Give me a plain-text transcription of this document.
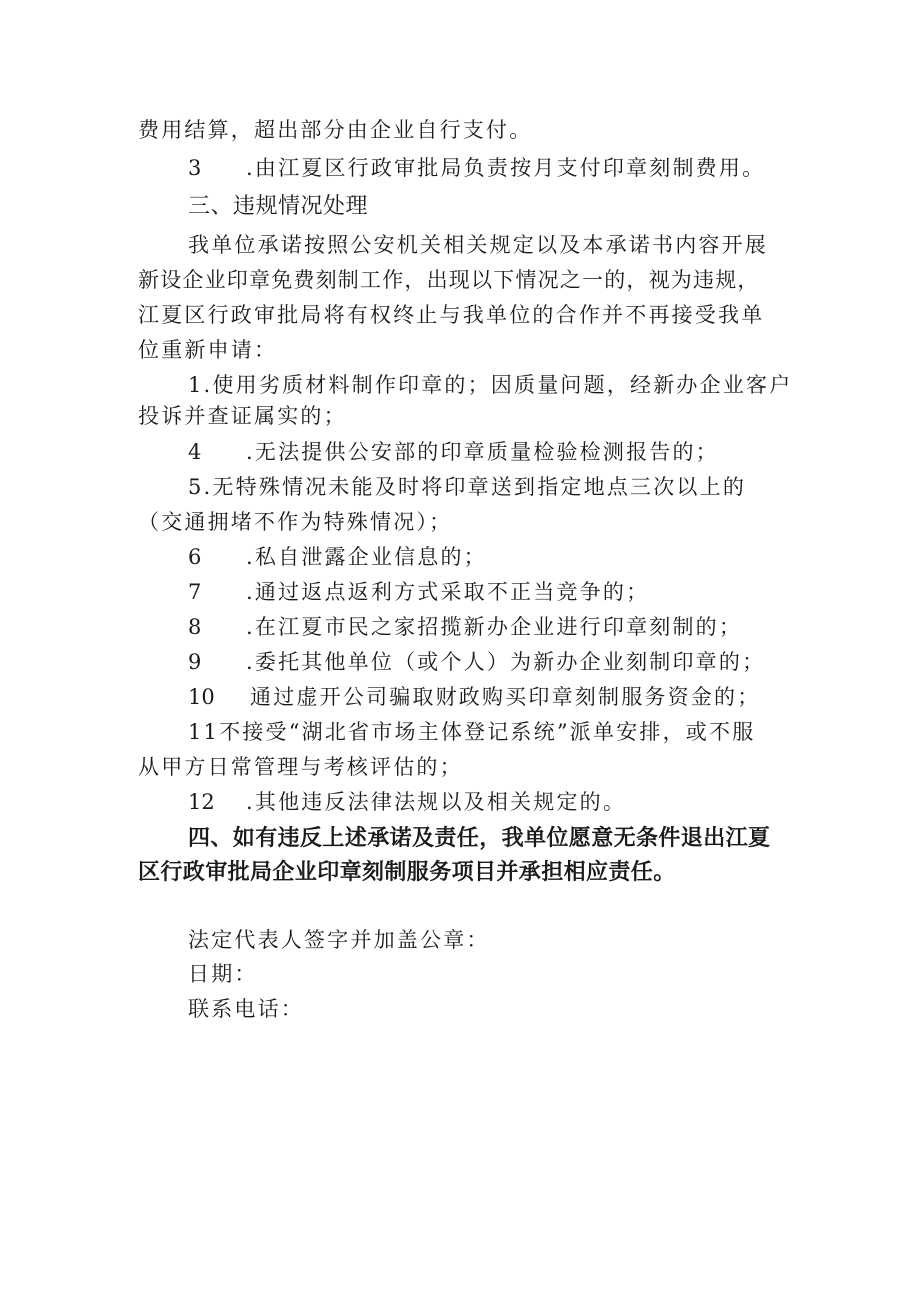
费用结算，超出部分由企业自行支付。
3 .由江夏区行政审批局负责按月支付印章刻制费用。
三、违规情况处理
我单位承诺按照公安机关相关规定以及本承诺书内容开展
新设企业印章免费刻制工作，出现以下情况之一的，视为违规，
江夏区行政审批局将有权终止与我单位的合作并不再接受我单
位重新申请：
1.使用劣质材料制作印章的；因质量问题，经新办企业客户
投诉并查证属实的；
4 .无法提供公安部的印章质量检验检测报告的；
5.无特殊情况未能及时将印章送到指定地点三次以上的
（交通拥堵不作为特殊情况）；
6 .私自泄露企业信息的；
7 .通过返点返利方式采取不正当竞争的；
8 .在江夏市民之家招揽新办企业进行印章刻制的；
9 .委托其他单位（或个人）为新办企业刻制印章的；
10 通过虚开公司骗取财政购买印章刻制服务资金的；
11不接受“湖北省市场主体登记系统”派单安排，或不服
从甲方日常管理与考核评估的；
12 .其他违反法律法规以及相关规定的。
四、如有违反上述承诺及责任，我单位愿意无条件退出江夏
区行政审批局企业印章刻制服务项目并承担相应责任。
法定代表人签字并加盖公章：
日期：
联系电话：
